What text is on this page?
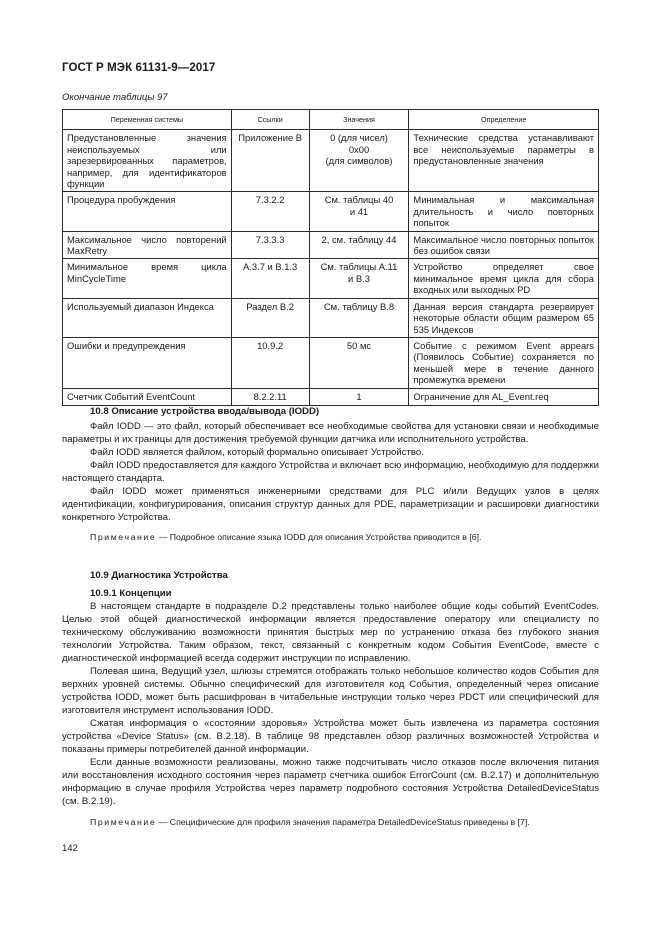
ГОСТ Р МЭК 61131-9—2017
Окончание таблицы 97
Переменная системы	Ссылки	Значения	Определение
Предустановленные значения неиспользуемых или зарезервированных параметров, например, для идентификаторов функции	Приложение В	0 (для чисел)
0x00
(для символов)	Технические средства устанавливают все неиспользуемые параметры в предустановленные значения
Процедура пробуждения	7.3.2.2	См. таблицы 40
и 41	Минимальная и максимальная длительность и число повторных попыток
Максимальное число повторений MaxRetry	7.3.3.3	2, см. таблицу 44	Максимальное число повторных попыток без ошибок связи
Минимальное время цикла MinCycleTime	А.3.7 и В.1.3	См. таблицы А.11
и В.3	Устройство определяет свое минимальное время цикла для сбора входных или выходных PD
Используемый диапазон Индекса	Раздел В.2	См. таблицу В.8	Данная версия стандарта резервирует некоторые области общим размером 65 535 Индексов
Ошибки и предупреждения	10.9.2	50 мс	Событие с режимом Event appears (Появилось Событие) сохраняется по меньшей мере в течение данного промежутка времени
Счетчик Событий EventCount	8.2.2.11	1	Ограничение для AL_Event.req
10.8 Описание устройства ввода/вывода (IODD)

Файл IODD — это файл, который обеспечивает все необходимые свойства для установки связи и необходимые параметры и их границы для достижения требуемой функции датчика или исполнительного устройства.

Файл IODD является файлом, который формально описывает Устройство.

Файл IODD предоставляется для каждого Устройства и включает всю информацию, необходимую для поддержки настоящего стандарта.

Файл IODD может применяться инженерными средствами для PLC и/или Ведущих узлов в целях идентификации, конфигурирования, описания структур данных для PDE, параметризации и расшировки диагностики конкретного Устройства.

Примечание — Подробное описание языка IODD для описания Устройства приводится в [6].
10.9 Диагностика Устройства
10.9.1 Концепции

В настоящем стандарте в подразделе D.2 представлены только наиболее общие коды событий EventCodes. Целью этой общей диагностической информации является предоставление оператору или специалисту по техническому обслуживанию возможности принятия быстрых мер по устранению отказа без глубокого знания технологии Устройства. Таким образом, текст, связанный с конкретным кодом События EventCode, вместе с диагностической информацией всегда содержит инструкции по исправлению.

Полевая шина, Ведущий узел, шлюзы стремятся отображать только небольшое количество кодов События для верхних уровней системы. Обычно специфический для изготовителя код События, определенный через описание устройства IODD, может быть расшифрован в читабельные инструкции только через PDCT или специфический для изготовителя инструмент использования IODD.

Сжатая информация о «состоянии здоровья» Устройства может быть извлечена из параметра состояния устройства «Device Status» (см. В.2.18). В таблице 98 представлен обзор различных возможностей Устройства и показаны примеры потребителей данной информации.

Если данные возможности реализованы, можно также подсчитывать число отказов после включения питания или восстановления исходного состояния через параметр счетчика ошибок ErrorCount (см. В.2.17) и дополнительную информацию в случае профиля Устройства через параметр подробного состояния Устройства DetailedDeviceStatus (см. В.2.19).

Примечание — Специфические для профиля значения параметра DetailedDeviceStatus приведены в [7].
142
